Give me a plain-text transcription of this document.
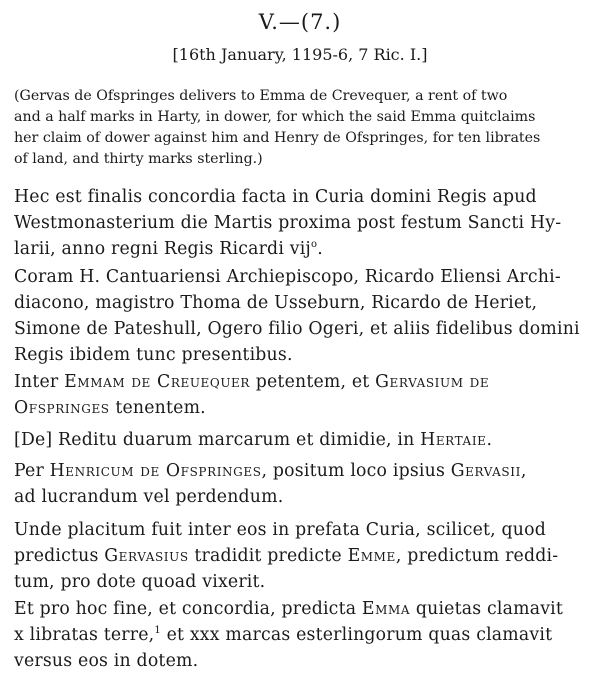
V.—(7.)
[16th January, 1195-6, 7 Ric. I.]
(Gervas de Ofspringes delivers to Emma de Crevequer, a rent of two
and a half marks in Harty, in dower, for which the said Emma quitclaims
her claim of dower against him and Henry de Ofspringes, for ten librates
of land, and thirty marks sterling.)
Hec est finalis concordia facta in Curia domini Regis apud
Westmonasterium die Martis proxima post festum Sancti Hy-
larii, anno regni Regis Ricardi vij$^o$.
Coram H. Cantuariensi Archiepiscopo, Ricardo Eliensi Archi-
diacono, magistro Thoma de Usseburn, Ricardo de Heriet,
Simone de Pateshull, Ogero filio Ogeri, et aliis fidelibus domini
Regis ibidem tunc presentibus.
Inter Emmam de Creuequer petentem, et Gervasium de
Ofspringes tenentem.
[De] Reditu duarum marcarum et dimidie, in Hertaie.
Per Henricum de Ofspringes, positum loco ipsius Gervasii,
ad lucrandum vel perdendum.
Unde placitum fuit inter eos in prefata Curia, scilicet, quod
predictus Gervasius tradidit predicte Emme, predictum reddi-
tum, pro dote quoad vixerit.
Et pro hoc fine, et concordia, predicta Emma quietas clamavit
x libratas terre,$^1$ et xxx marcas esterlingorum quas clamavit
versus eos in dotem.
